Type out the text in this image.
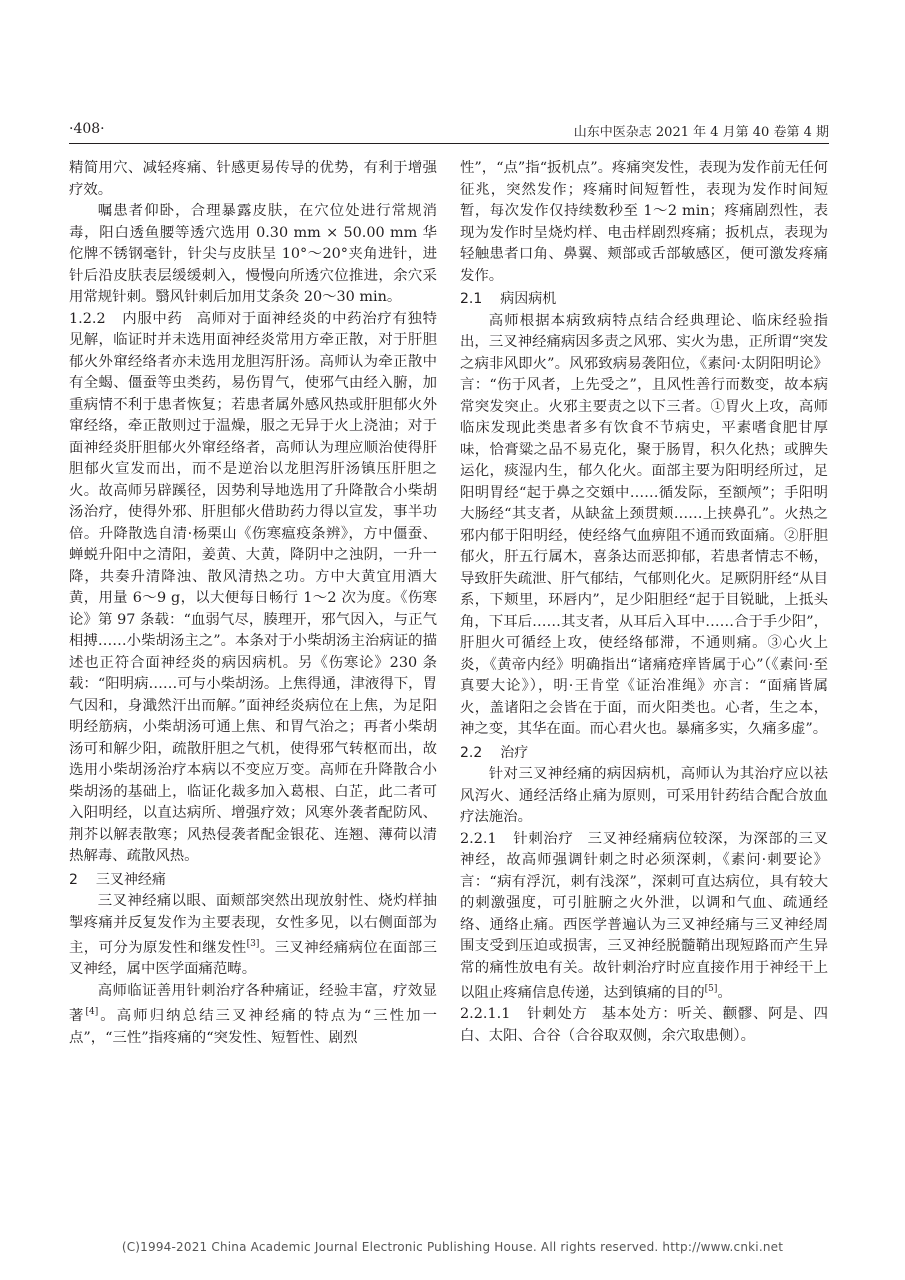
·408·	山东中医杂志 2021 年 4 月第 40 卷第 4 期

精简用穴、减轻疼痛、针感更易传导的优势，有利于增强疗效。

嘱患者仰卧，合理暴露皮肤，在穴位处进行常规消毒，阳白透鱼腰等透穴选用 0.30 mm × 50.00 mm 华佗牌不锈钢毫针，针尖与皮肤呈 10°～20°夹角进针，进针后沿皮肤表层缓缓刺入，慢慢向所透穴位推进，余穴采用常规针刺。翳风针刺后加用艾条灸 20～30 min。

1.2.2 内服中药 高师对于面神经炎的中药治疗有独特见解，临证时并未选用面神经炎常用方牵正散，对于肝胆郁火外窜经络者亦未选用龙胆泻肝汤。高师认为牵正散中有全蝎、僵蚕等虫类药，易伤胃气，使邪气由经入腑，加重病情不利于患者恢复；若患者属外感风热或肝胆郁火外窜经络，牵正散则过于温燥，服之无异于火上浇油；对于面神经炎肝胆郁火外窜经络者，高师认为理应顺治使得肝胆郁火宣发而出，而不是逆治以龙胆泻肝汤镇压肝胆之火。故高师另辟蹊径，因势利导地选用了升降散合小柴胡汤治疗，使得外邪、肝胆郁火借助药力得以宣发，事半功倍。升降散选自清·杨栗山《伤寒瘟疫条辨》，方中僵蚕、蝉蜕升阳中之清阳，姜黄、大黄，降阴中之浊阴，一升一降，共奏升清降浊、散风清热之功。方中大黄宜用酒大黄，用量 6～9 g，以大便每日畅行 1～2 次为度。《伤寒论》第 97 条载：“血弱气尽，腠理开，邪气因入，与正气相搏……小柴胡汤主之”。本条对于小柴胡汤主治病证的描述也正符合面神经炎的病因病机。另《伤寒论》230 条载：“阳明病……可与小柴胡汤。上焦得通，津液得下，胃气因和，身濈然汗出而解。”面神经炎病位在上焦，为足阳明经筋病，小柴胡汤可通上焦、和胃气治之；再者小柴胡汤可和解少阳，疏散肝胆之气机，使得邪气转枢而出，故选用小柴胡汤治疗本病以不变应万变。高师在升降散合小柴胡汤的基础上，临证化裁多加入葛根、白芷，此二者可入阳明经，以直达病所、增强疗效；风寒外袭者配防风、荆芥以解表散寒；风热侵袭者配金银花、连翘、薄荷以清热解毒、疏散风热。

2 三叉神经痛

三叉神经痛以眼、面颊部突然出现放射性、烧灼样抽掣疼痛并反复发作为主要表现，女性多见，以右侧面部为主，可分为原发性和继发性[3]。三叉神经痛病位在面部三叉神经，属中医学面痛范畴。

高师临证善用针刺治疗各种痛证，经验丰富，疗效显著[4]。高师归纳总结三叉神经痛的特点为“三性加一点”，“三性”指疼痛的“突发性、短暂性、剧烈

性”，“点”指“扳机点”。疼痛突发性，表现为发作前无任何征兆，突然发作；疼痛时间短暂性，表现为发作时间短暂，每次发作仅持续数秒至 1～2 min；疼痛剧烈性，表现为发作时呈烧灼样、电击样剧烈疼痛；扳机点，表现为轻触患者口角、鼻翼、颊部或舌部敏感区，便可激发疼痛发作。

2.1 病因病机

高师根据本病致病特点结合经典理论、临床经验指出，三叉神经痛病因多责之风邪、实火为患，正所谓“突发之病非风即火”。风邪致病易袭阳位，《素问·太阴阳明论》言：“伤于风者，上先受之”，且风性善行而数变，故本病常突发突止。火邪主要责之以下三者。①胃火上攻，高师临床发现此类患者多有饮食不节病史，平素嗜食肥甘厚味，恰膏粱之品不易克化，聚于肠胃，积久化热；或脾失运化，痰湿内生，郁久化火。面部主要为阳明经所过，足阳明胃经“起于鼻之交頞中……循发际，至额颅”；手阳明大肠经“其支者，从缺盆上颈贯颊……上挟鼻孔”。火热之邪内郁于阳明经，使经络气血痹阻不通而致面痛。②肝胆郁火，肝五行属木，喜条达而恶抑郁，若患者情志不畅，导致肝失疏泄、肝气郁结，气郁则化火。足厥阴肝经“从目系，下颊里，环唇内”，足少阳胆经“起于目锐眦，上抵头角，下耳后……其支者，从耳后入耳中……合于手少阳”，肝胆火可循经上攻，使经络郁滞，不通则痛。③心火上炎，《黄帝内经》明确指出“诸痛疮痒皆属于心”（《素问·至真要大论》），明·王肯堂《证治准绳》亦言：“面痛皆属火，盖诸阳之会皆在于面，而火阳类也。心者，生之本，神之变，其华在面。而心君火也。暴痛多实，久痛多虚”。

2.2 治疗

针对三叉神经痛的病因病机，高师认为其治疗应以祛风泻火、通经活络止痛为原则，可采用针药结合配合放血疗法施治。

2.2.1 针刺治疗 三叉神经痛病位较深，为深部的三叉神经，故高师强调针刺之时必须深刺，《素问·刺要论》言：“病有浮沉，刺有浅深”，深刺可直达病位，具有较大的刺激强度，可引脏腑之火外泄，以调和气血、疏通经络、通络止痛。西医学普遍认为三叉神经痛与三叉神经周围支受到压迫或损害，三叉神经脱髓鞘出现短路而产生异常的痛性放电有关。故针刺治疗时应直接作用于神经干上以阻止疼痛信息传递，达到镇痛的目的[5]。

2.2.1.1 针刺处方 基本处方：听关、颧髎、阿是、四白、太阳、合谷（合谷取双侧，余穴取患侧）。

(C)1994-2021 China Academic Journal Electronic Publishing House. All rights reserved. http://www.cnki.net
